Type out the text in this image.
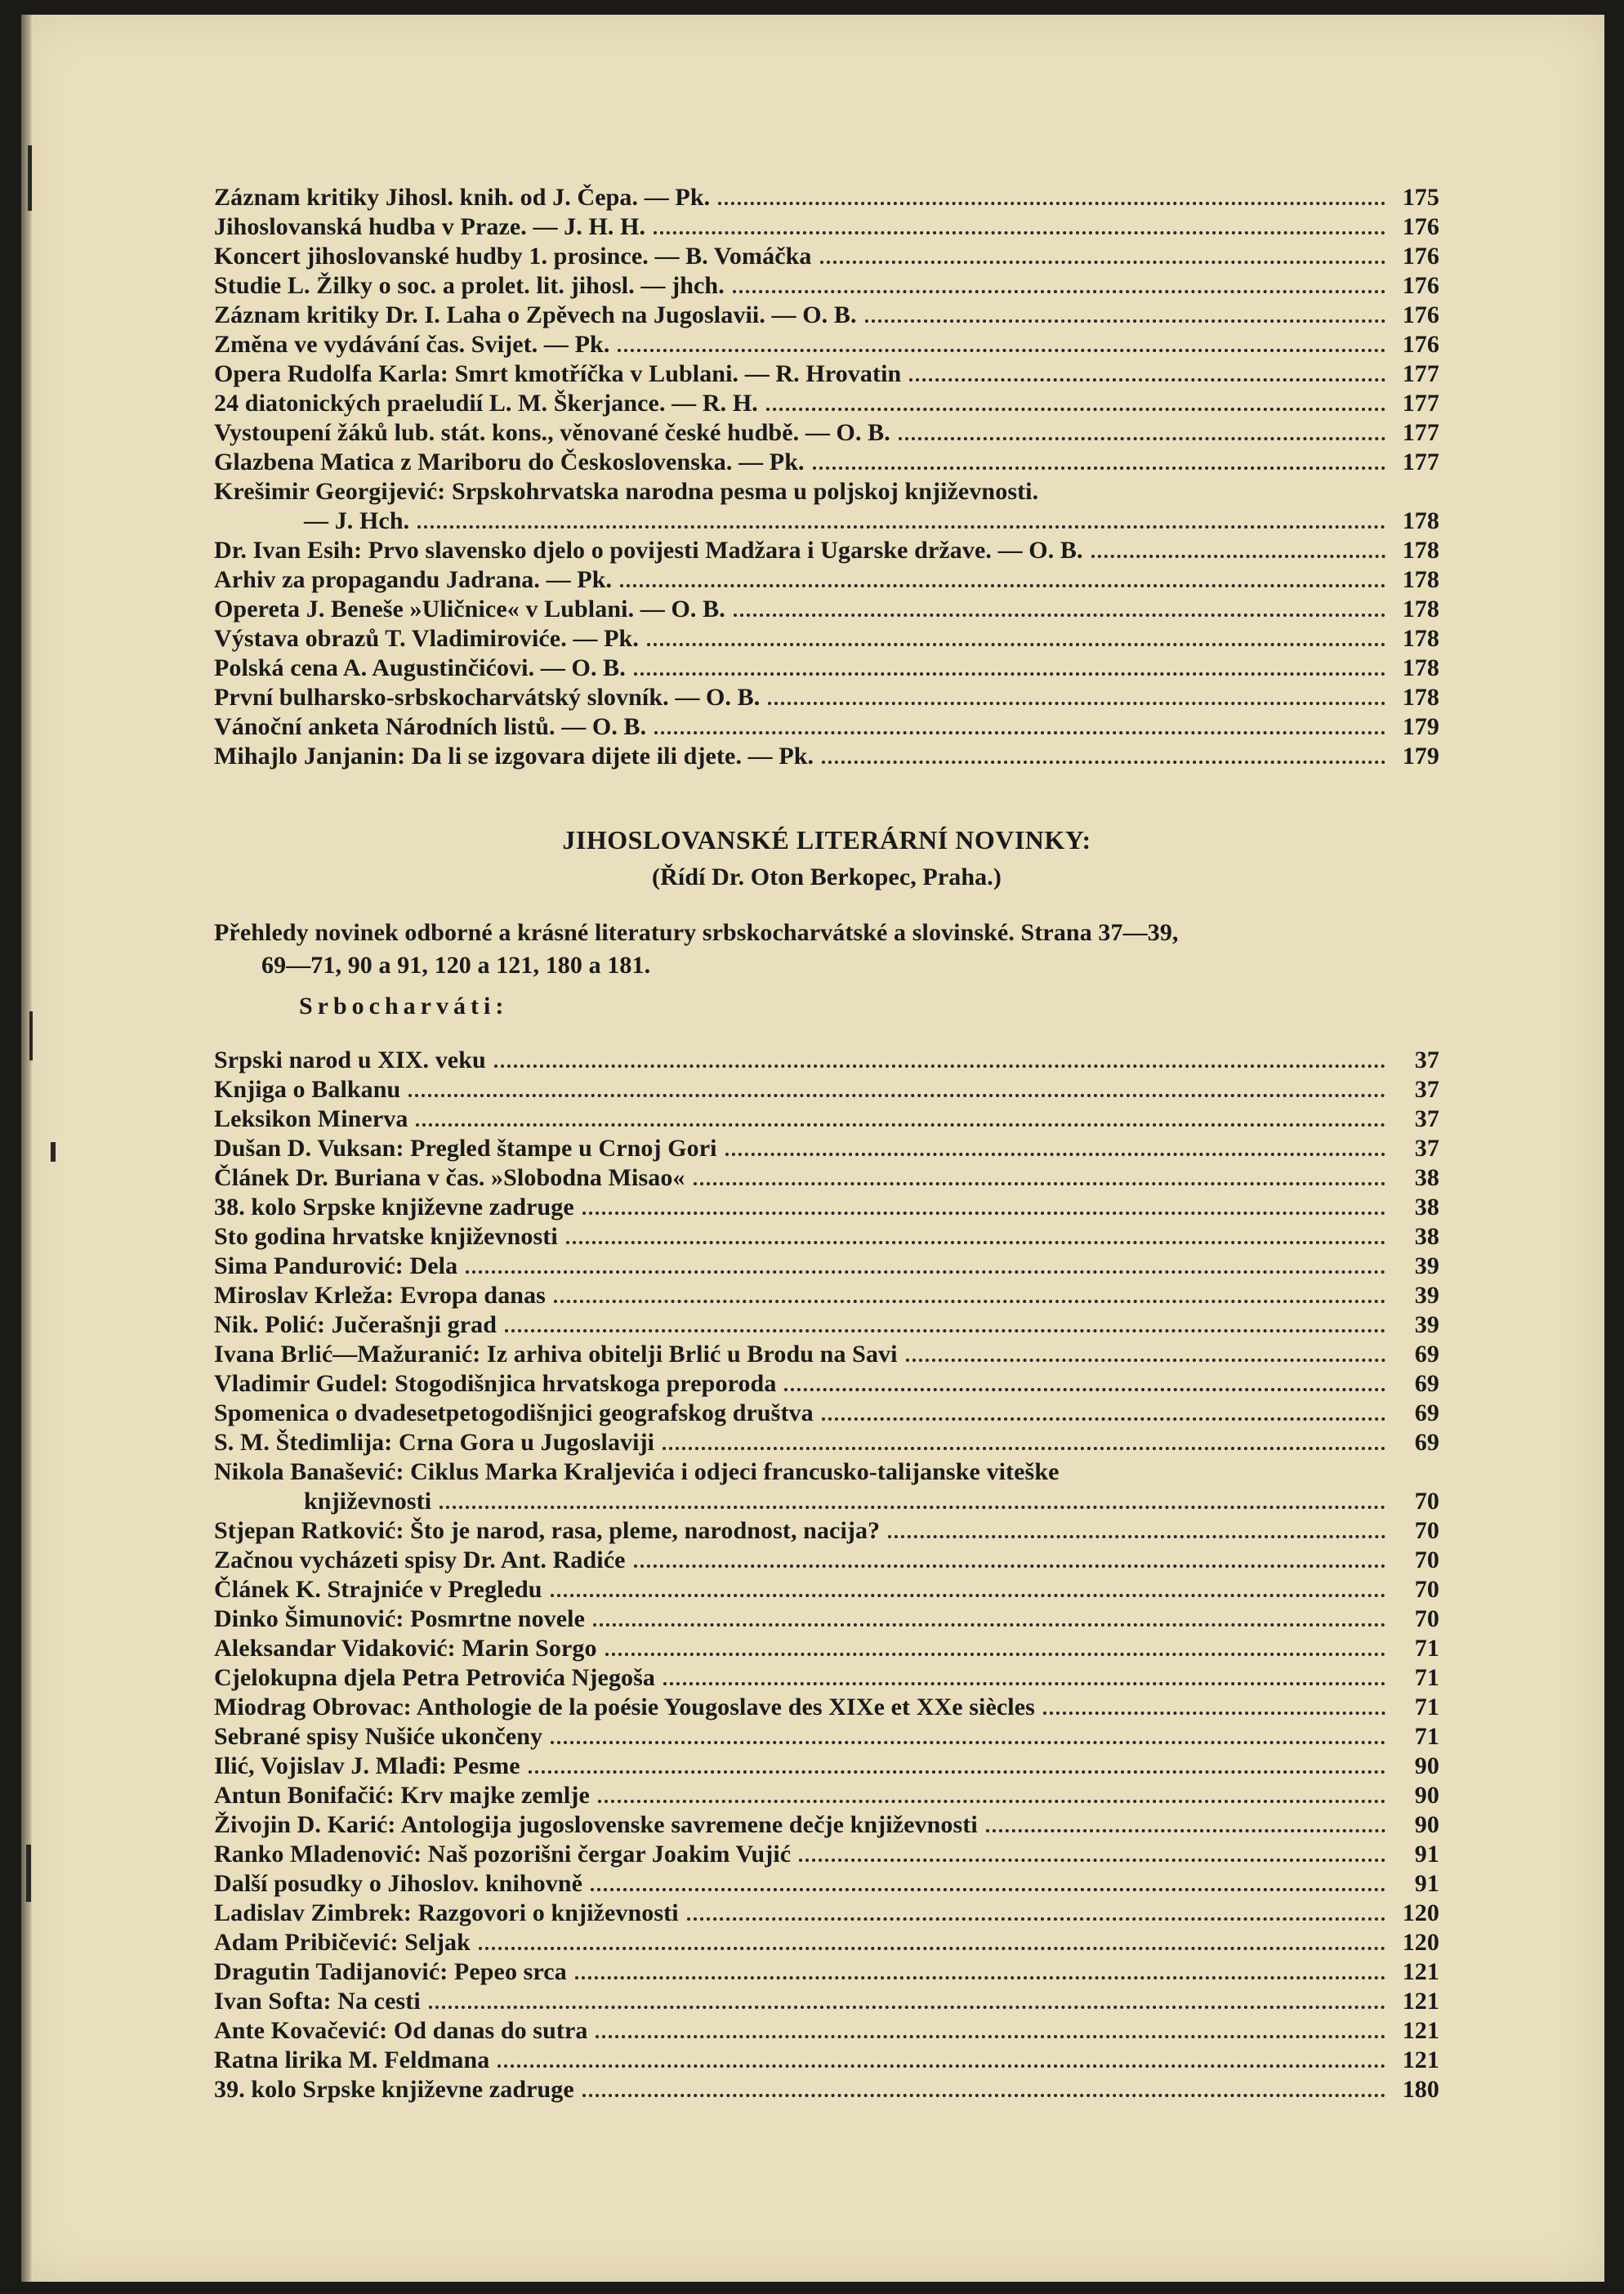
Záznam kritiky Jihosl. knih. od J. Čepa. — Pk.	175
Jihoslovanská hudba v Praze. — J. H. H.	176
Koncert jihoslovanské hudby 1. prosince. — B. Vomáčka	176
Studie L. Žilky o soc. a prolet. lit. jihosl. — jhch.	176
Záznam kritiky Dr. I. Laha o Zpěvech na Jugoslavii. — O. B.	176
Změna ve vydávání čas. Svijet. — Pk.	176
Opera Rudolfa Karla: Smrt kmotříčka v Lublani. — R. Hrovatin	177
24 diatonických praeludií L. M. Škerjance. — R. H.	177
Vystoupení žáků lub. stát. kons., věnované české hudbě. — O. B.	177
Glazbena Matica z Mariboru do Československa. — Pk.	177
Krešimir Georgijević: Srpskohrvatska narodna pesma u poljskoj književnosti.
— J. Hch.	178
Dr. Ivan Esih: Prvo slavensko djelo o povijesti Madžara i Ugarske države. — O. B.	178
Arhiv za propagandu Jadrana. — Pk.	178
Opereta J. Beneše »Uličnice« v Lublani. — O. B.	178
Výstava obrazů T. Vladimiroviće. — Pk.	178
Polská cena A. Augustinčićovi. — O. B.	178
První bulharsko-srbskocharvátský slovník. — O. B.	178
Vánoční anketa Národních listů. — O. B.	179
Mihajlo Janjanin: Da li se izgovara dijete ili djete. — Pk.	179
JIHOSLOVANSKÉ LITERÁRNÍ NOVINKY:
(Řídí Dr. Oton Berkopec, Praha.)
Přehledy novinek odborné a krásné literatury srbskocharvátské a slovinské. Strana 37—39,
69—71, 90 a 91, 120 a 121, 180 a 181.
Srbocharváti:
Srpski narod u XIX. veku	37
Knjiga o Balkanu	37
Leksikon Minerva	37
Dušan D. Vuksan: Pregled štampe u Crnoj Gori	37
Článek Dr. Buriana v čas. »Slobodna Misao«	38
38. kolo Srpske književne zadruge	38
Sto godina hrvatske književnosti	38
Sima Pandurović: Dela	39
Miroslav Krleža: Evropa danas	39
Nik. Polić: Jučerašnji grad	39
Ivana Brlić—Mažuranić: Iz arhiva obitelji Brlić u Brodu na Savi	69
Vladimir Gudel: Stogodišnjica hrvatskoga preporoda	69
Spomenica o dvadesetpetogodišnjici geografskog društva	69
S. M. Štedimlija: Crna Gora u Jugoslaviji	69
Nikola Banašević: Ciklus Marka Kraljevića i odjeci francusko-talijanske viteške
književnosti	70
Stjepan Ratković: Što je narod, rasa, pleme, narodnost, nacija?	70
Začnou vycházeti spisy Dr. Ant. Radiće	70
Článek K. Strajniće v Pregledu	70
Dinko Šimunović: Posmrtne novele	70
Aleksandar Vidaković: Marin Sorgo	71
Cjelokupna djela Petra Petrovića Njegoša	71
Miodrag Obrovac: Anthologie de la poésie Yougoslave des XIXe et XXe siècles	71
Sebrané spisy Nušiće ukončeny	71
Ilić, Vojislav J. Mlađi: Pesme	90
Antun Bonifačić: Krv majke zemlje	90
Živojin D. Karić: Antologija jugoslovenske savremene dečje književnosti	90
Ranko Mladenović: Naš pozorišni čergar Joakim Vujić	91
Další posudky o Jihoslov. knihovně	91
Ladislav Zimbrek: Razgovori o književnosti	120
Adam Pribičević: Seljak	120
Dragutin Tadijanović: Pepeo srca	121
Ivan Softa: Na cesti	121
Ante Kovačević: Od danas do sutra	121
Ratna lirika M. Feldmana	121
39. kolo Srpske književne zadruge	180
